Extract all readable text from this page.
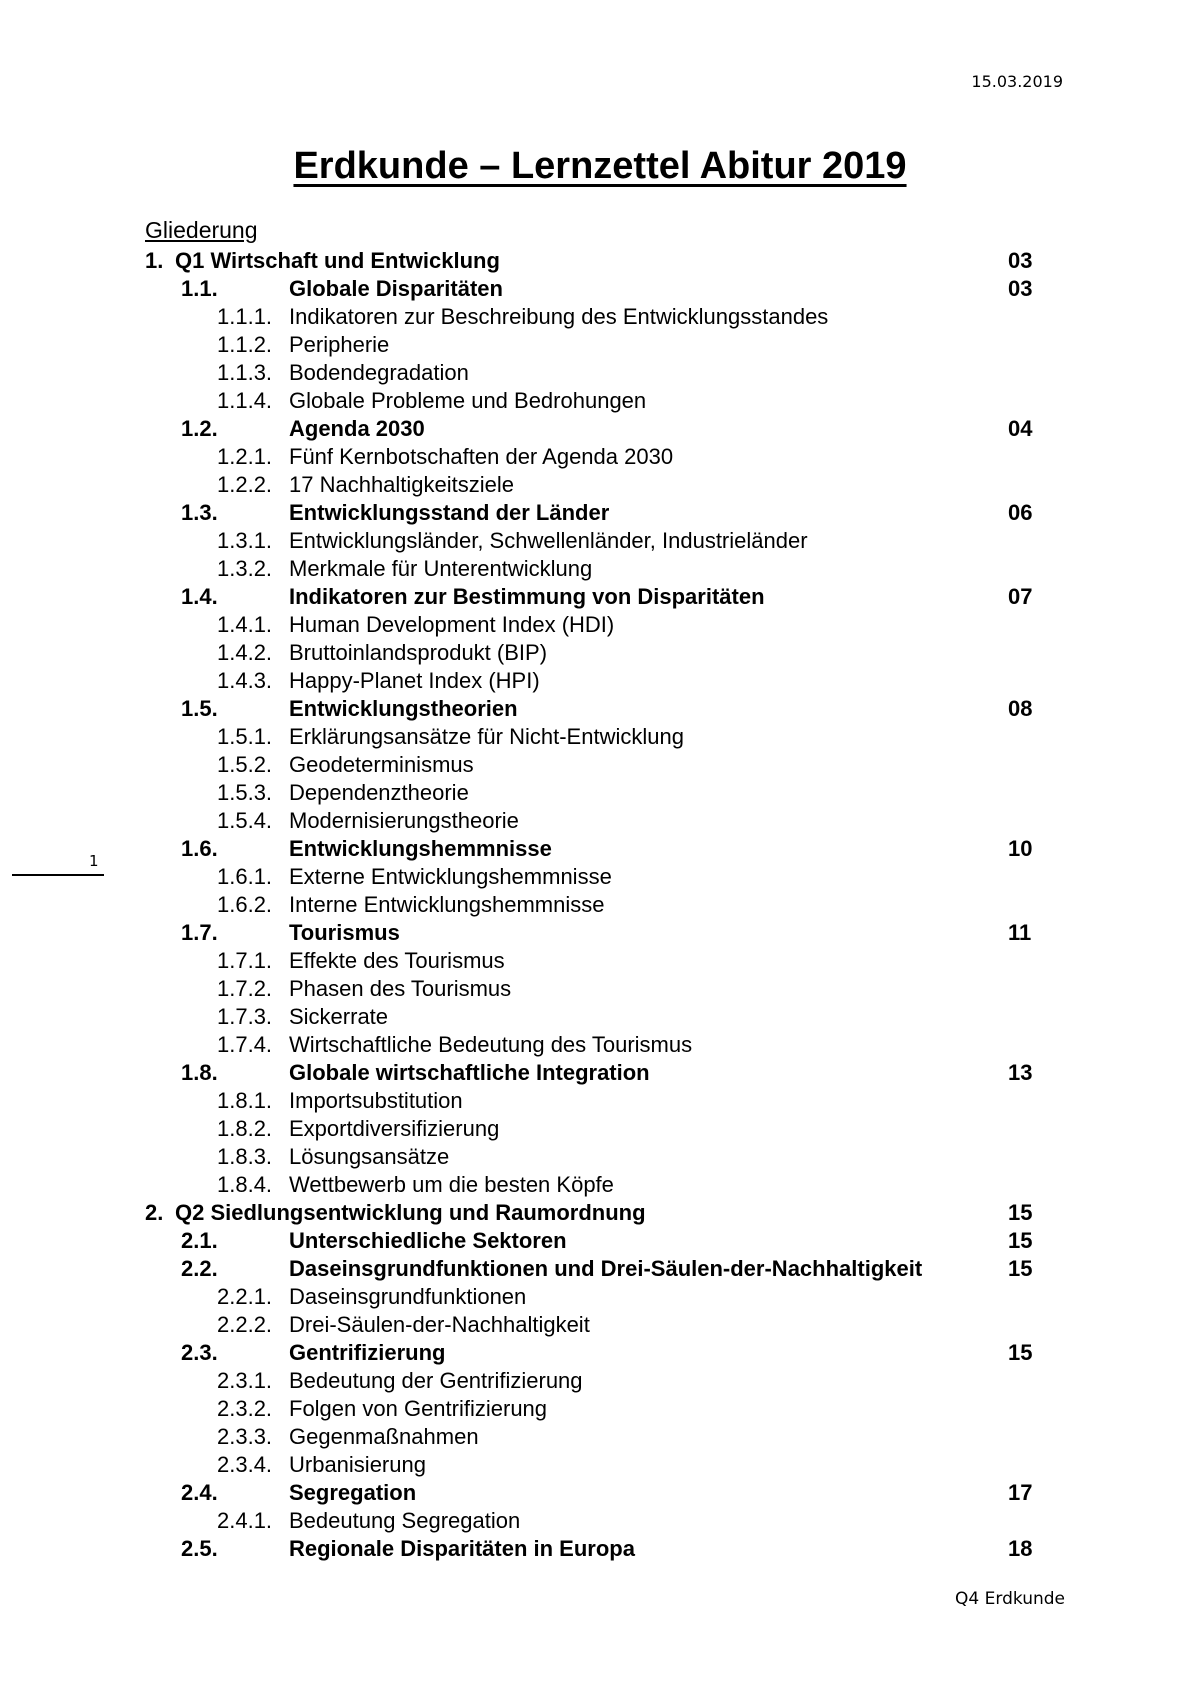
15.03.2019
Erdkunde – Lernzettel Abitur 2019
Gliederung
1. Q1 Wirtschaft und Entwicklung	03
1.1.	Globale Disparitäten	03
1.1.1. Indikatoren zur Beschreibung des Entwicklungsstandes
1.1.2. Peripherie
1.1.3. Bodendegradation
1.1.4. Globale Probleme und Bedrohungen
1.2.	Agenda 2030	04
1.2.1. Fünf Kernbotschaften der Agenda 2030
1.2.2. 17 Nachhaltigkeitsziele
1.3.	Entwicklungsstand der Länder	06
1.3.1. Entwicklungsländer, Schwellenländer, Industrieländer
1.3.2. Merkmale für Unterentwicklung
1.4.	Indikatoren zur Bestimmung von Disparitäten	07
1.4.1. Human Development Index (HDI)
1.4.2. Bruttoinlandsprodukt (BIP)
1.4.3. Happy-Planet Index (HPI)
1.5.	Entwicklungstheorien	08
1.5.1. Erklärungsansätze für Nicht-Entwicklung
1.5.2. Geodeterminismus
1.5.3. Dependenztheorie
1.5.4. Modernisierungstheorie
1.6.	Entwicklungshemmnisse	10
1.6.1. Externe Entwicklungshemmnisse
1.6.2. Interne Entwicklungshemmnisse
1.7.	Tourismus	11
1.7.1. Effekte des Tourismus
1.7.2. Phasen des Tourismus
1.7.3. Sickerrate
1.7.4. Wirtschaftliche Bedeutung des Tourismus
1.8.	Globale wirtschaftliche Integration	13
1.8.1. Importsubstitution
1.8.2. Exportdiversifizierung
1.8.3. Lösungsansätze
1.8.4. Wettbewerb um die besten Köpfe
2. Q2 Siedlungsentwicklung und Raumordnung	15
2.1.	Unterschiedliche Sektoren	15
2.2.	Daseinsgrundfunktionen und Drei-Säulen-der-Nachhaltigkeit	15
2.2.1. Daseinsgrundfunktionen
2.2.2. Drei-Säulen-der-Nachhaltigkeit
2.3.	Gentrifizierung	15
2.3.1. Bedeutung der Gentrifizierung
2.3.2. Folgen von Gentrifizierung
2.3.3. Gegenmaßnahmen
2.3.4. Urbanisierung
2.4.	Segregation	17
2.4.1. Bedeutung Segregation
2.5.	Regionale Disparitäten in Europa	18
1
Q4 Erdkunde
